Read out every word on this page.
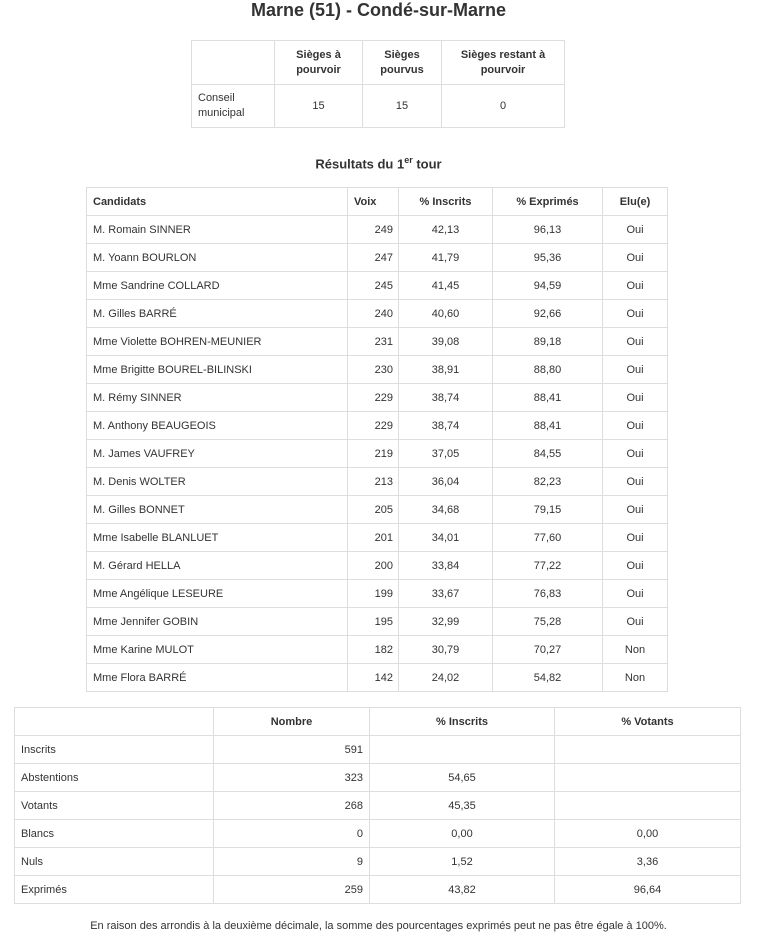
Marne (51) - Condé-sur-Marne
	Sièges à pourvoir	Sièges pourvus	Sièges restant à pourvoir
Conseil municipal	15	15	0
Résultats du 1er tour
Candidats	Voix	% Inscrits	% Exprimés	Elu(e)
M. Romain SINNER	249	42,13	96,13	Oui
M. Yoann BOURLON	247	41,79	95,36	Oui
Mme Sandrine COLLARD	245	41,45	94,59	Oui
M. Gilles BARRÉ	240	40,60	92,66	Oui
Mme Violette BOHREN-MEUNIER	231	39,08	89,18	Oui
Mme Brigitte BOUREL-BILINSKI	230	38,91	88,80	Oui
M. Rémy SINNER	229	38,74	88,41	Oui
M. Anthony BEAUGEOIS	229	38,74	88,41	Oui
M. James VAUFREY	219	37,05	84,55	Oui
M. Denis WOLTER	213	36,04	82,23	Oui
M. Gilles BONNET	205	34,68	79,15	Oui
Mme Isabelle BLANLUET	201	34,01	77,60	Oui
M. Gérard HELLA	200	33,84	77,22	Oui
Mme Angélique LESEURE	199	33,67	76,83	Oui
Mme Jennifer GOBIN	195	32,99	75,28	Oui
Mme Karine MULOT	182	30,79	70,27	Non
Mme Flora BARRÉ	142	24,02	54,82	Non
	Nombre	% Inscrits	% Votants
Inscrits	591		
Abstentions	323	54,65	
Votants	268	45,35	
Blancs	0	0,00	0,00
Nuls	9	1,52	3,36
Exprimés	259	43,82	96,64
En raison des arrondis à la deuxième décimale, la somme des pourcentages exprimés peut ne pas être égale à 100%.
